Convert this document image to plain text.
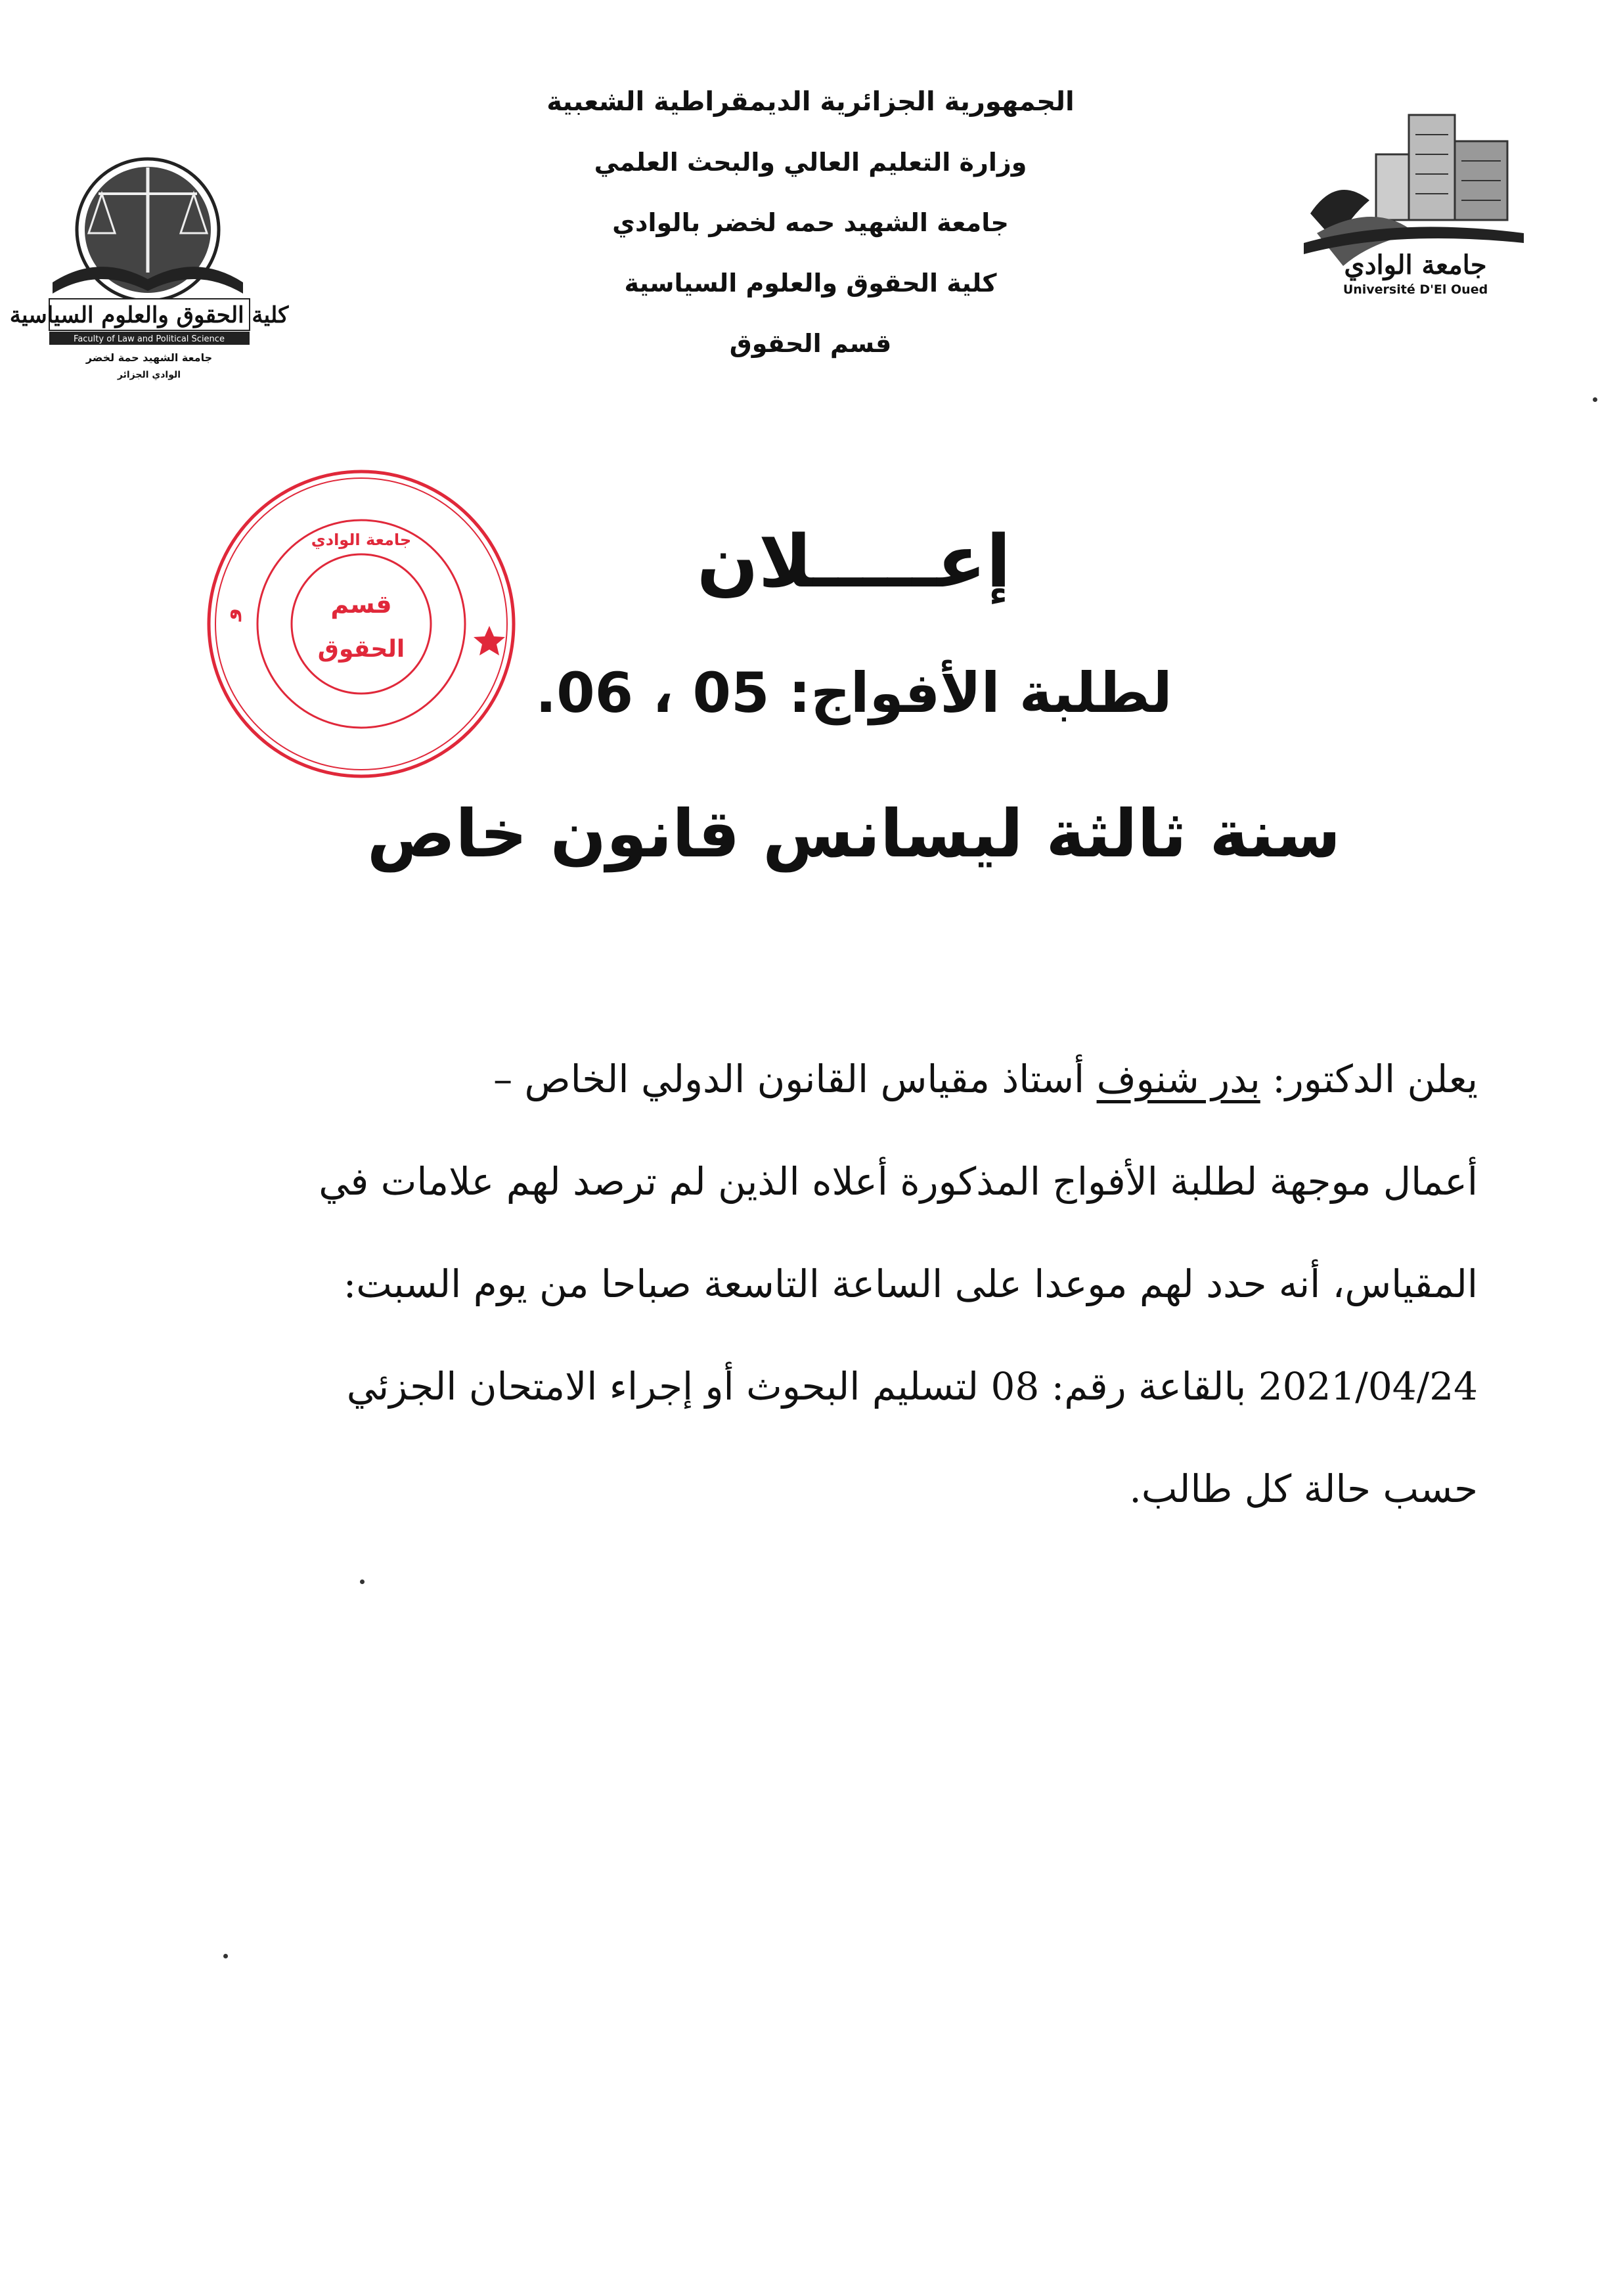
كلية الحقوق والعلوم السياسية
Faculty of Law and Political Science
جامعة الشهيد حمة لخضر
الوادي الجزائر
جامعة الوادي
Université D'El Oued
الجمهورية الجزائرية الديمقراطية الشعبية
وزارة التعليم العالي والبحث العلمي
جامعة الشهيد حمه لخضر بالوادي
كلية الحقوق والعلوم السياسية
قسم الحقوق
و
جامعة الوادي
قسم
الحقوق
إعـــــلان
لطلبة الأفواج: 05 ، 06.
سنة ثالثة ليسانس قانون خاص
يعلن الدكتور: بدر شنوف أستاذ مقياس القانون الدولي الخاص –
أعمال موجهة لطلبة الأفواج المذكورة أعلاه الذين لم ترصد لهم علامات في
المقياس، أنه حدد لهم موعدا على الساعة التاسعة صباحا من يوم السبت:
2021/04/24 بالقاعة رقم: 08 لتسليم البحوث أو إجراء الامتحان الجزئي
حسب حالة كل طالب.
